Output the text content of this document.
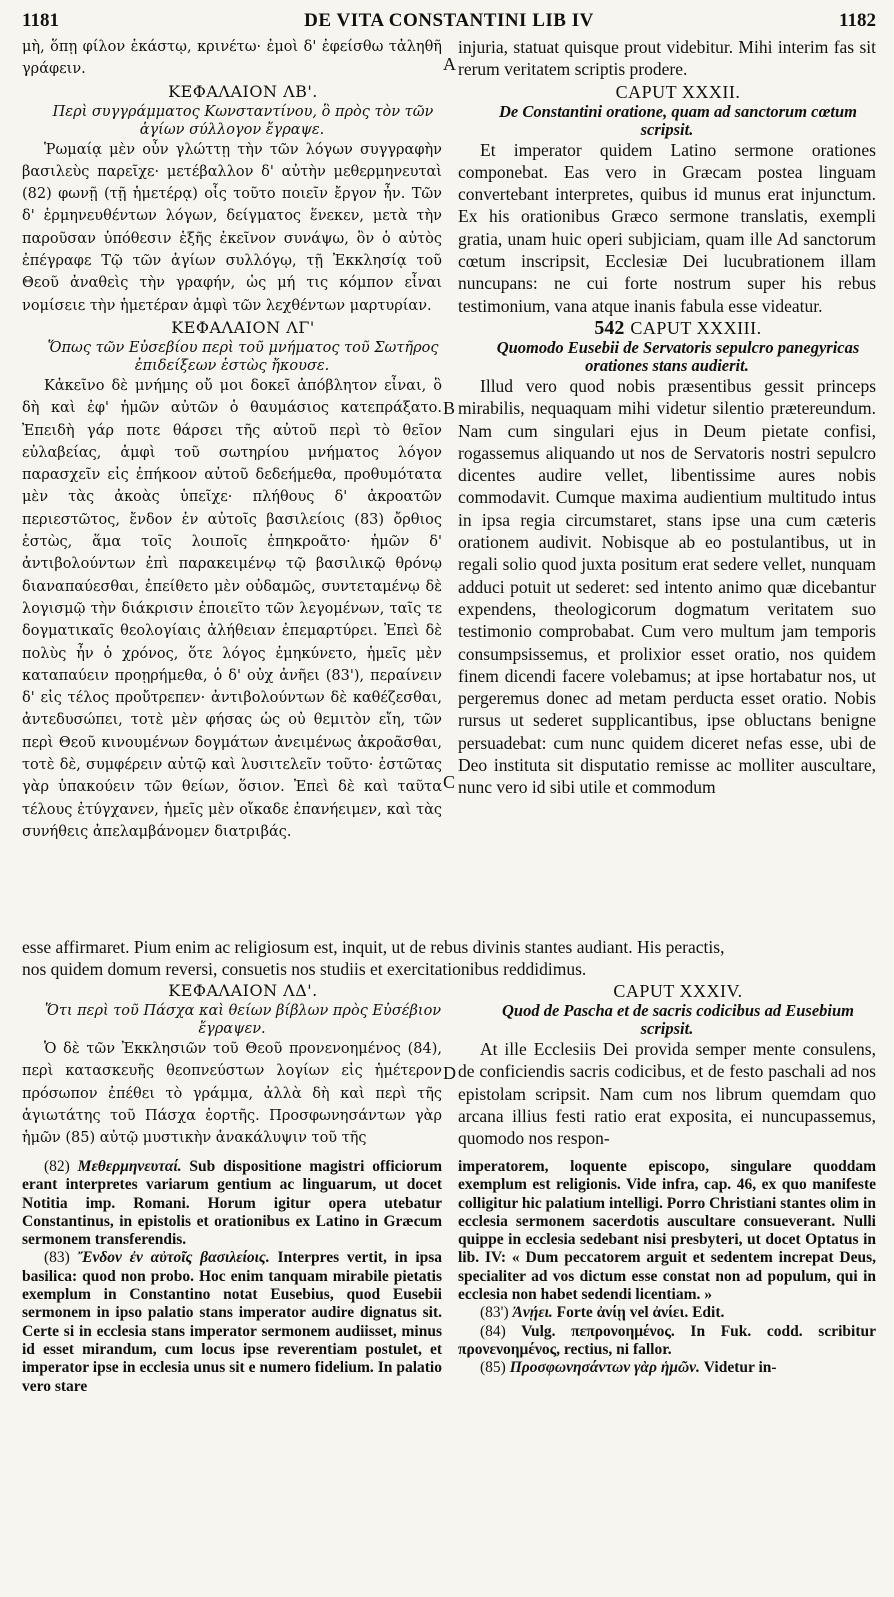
1181	DE VITA CONSTANTINI LIB IV	1182
A
B
C
D

μὴ, ὅπῃ φίλον ἑκάστῳ, κρινέτω· ἐμοὶ δ' ἐφείσθω τἀληθῆ γράφειν.

ΚΕΦΑΛΑΙΟΝ ΛΒ'.

Περὶ συγγράμματος Κωνσταντίνου, ὃ πρὸς τὸν τῶν ἁγίων σύλλογον ἔγραψε.

Ῥωμαίᾳ μὲν οὖν γλώττῃ τὴν τῶν λόγων συγγραφὴν βασιλεὺς παρεῖχε· μετέβαλλον δ' αὐτὴν μεθερμηνευταὶ (82) φωνῇ (τῇ ἡμετέρᾳ) οἷς τοῦτο ποιεῖν ἔργον ἦν. Τῶν δ' ἑρμηνευθέντων λόγων, δείγματος ἕνεκεν, μετὰ τὴν παροῦσαν ὑπόθεσιν ἑξῆς ἐκεῖνον συνάψω, ὃν ὁ αὐτὸς ἐπέγραφε Τῷ τῶν ἁγίων συλλόγῳ, τῇ Ἐκκλησίᾳ τοῦ Θεοῦ ἀναθεὶς τὴν γραφήν, ὡς μή τις κόμπον εἶναι νομίσειε τὴν ἡμετέραν ἀμφὶ τῶν λεχθέντων μαρτυρίαν.

ΚΕΦΑΛΑΙΟΝ ΛΓ'

Ὅπως τῶν Εὐσεβίου περὶ τοῦ μνήματος τοῦ Σωτῆρος ἐπιδείξεων ἑστὼς ἤκουσε.

Κἀκεῖνο δὲ μνήμης οὔ μοι δοκεῖ ἀπόβλητον εἶναι, ὃ δὴ καὶ ἐφ' ἡμῶν αὐτῶν ὁ θαυμάσιος κατεπράξατο. Ἐπειδὴ γάρ ποτε θάρσει τῆς αὐτοῦ περὶ τὸ θεῖον εὐλαβείας, ἀμφὶ τοῦ σωτηρίου μνήματος λόγον παρασχεῖν εἰς ἐπήκοον αὐτοῦ δεδεήμεθα, προθυμότατα μὲν τὰς ἀκοὰς ὑπεῖχε· πλήθους δ' ἀκροατῶν περιεστῶτος, ἔνδον ἐν αὐτοῖς βασιλείοις (83) ὄρθιος ἑστὼς, ἅμα τοῖς λοιποῖς ἐπηκροᾶτο· ἡμῶν δ' ἀντιβολούντων ἐπὶ παρακειμένῳ τῷ βασιλικῷ θρόνῳ διαναπαύεσθαι, ἐπείθετο μὲν οὐδαμῶς, συντεταμένῳ δὲ λογισμῷ τὴν διάκρισιν ἐποιεῖτο τῶν λεγομένων, ταῖς τε δογματικαῖς θεολογίαις ἀλήθειαν ἐπεμαρτύρει. Ἐπεὶ δὲ πολὺς ἦν ὁ χρόνος, ὅτε λόγος ἐμηκύνετο, ἡμεῖς μὲν καταπαύειν προῃρήμεθα, ὁ δ' οὐχ ἀνῆει (83'), περαίνειν δ' εἰς τέλος προὔτρεπεν· ἀντιβολούντων δὲ καθέζεσθαι, ἀντεδυσώπει, τοτὲ μὲν φήσας ὡς οὐ θεμιτὸν εἴη, τῶν περὶ Θεοῦ κινουμένων δογμάτων ἀνειμένως ἀκροᾶσθαι, τοτὲ δὲ, συμφέρειν αὐτῷ καὶ λυσιτελεῖν τοῦτο· ἑστῶτας γὰρ ὑπακούειν τῶν θείων, ὅσιον. Ἐπεὶ δὲ καὶ ταῦτα τέλους ἐτύγχανεν, ἡμεῖς μὲν οἴκαδε ἐπανήειμεν, καὶ τὰς συνήθεις ἀπελαμβάνομεν διατριβάς.

injuria, statuat quisque prout videbitur. Mihi interim fas sit rerum veritatem scriptis prodere.

CAPUT XXXII.

De Constantini oratione, quam ad sanctorum cœtum scripsit.

Et imperator quidem Latino sermone orationes componebat. Eas vero in Græcam postea linguam convertebant interpretes, quibus id munus erat injunctum. Ex his orationibus Græco sermone translatis, exempli gratia, unam huic operi subjiciam, quam ille Ad sanctorum cœtum inscripsit, Ecclesiæ Dei lucubrationem illam nuncupans: ne cui forte nostrum super his rebus testimonium, vana atque inanis fabula esse videatur.

542 CAPUT XXXIII.

Quomodo Eusebii de Servatoris sepulcro panegyricas orationes stans audierit.

Illud vero quod nobis præsentibus gessit princeps mirabilis, nequaquam mihi videtur silentio prætereundum. Nam cum singulari ejus in Deum pietate confisi, rogassemus aliquando ut nos de Servatoris nostri sepulcro dicentes audire vellet, libentissime aures nobis commodavit. Cumque maxima audientium multitudo intus in ipsa regia circumstaret, stans ipse una cum cæteris orationem audivit. Nobisque ab eo postulantibus, ut in regali solio quod juxta positum erat sedere vellet, nunquam adduci potuit ut sederet: sed intento animo quæ dicebantur expendens, theologicorum dogmatum veritatem suo testimonio comprobabat. Cum vero multum jam temporis consumpsissemus, et prolixior esset oratio, nos quidem finem dicendi facere volebamus; at ipse hortabatur nos, ut pergeremus donec ad metam perducta esset oratio. Nobis rursus ut sederet supplicantibus, ipse obluctans benigne persuadebat: cum nunc quidem diceret nefas esse, ubi de Deo instituta sit disputatio remisse ac molliter auscultare, nunc vero id sibi utile et commodum

esse affirmaret. Pium enim ac religiosum est, inquit, ut de rebus divinis stantes audiant. His peractis,

nos quidem domum reversi, consuetis nos studiis et exercitationibus reddidimus.

ΚΕΦΑΛΑΙΟΝ ΛΔ'.

Ὅτι περὶ τοῦ Πάσχα καὶ θείων βίβλων πρὸς Εὐσέβιον ἔγραψεν.

Ὁ δὲ τῶν Ἐκκλησιῶν τοῦ Θεοῦ προνενοημένος (84), περὶ κατασκευῆς θεοπνεύστων λογίων εἰς ἡμέτερον πρόσωπον ἐπέθει τὸ γράμμα, ἀλλὰ δὴ καὶ περὶ τῆς ἁγιωτάτης τοῦ Πάσχα ἑορτῆς. Προσφωνησάντων γὰρ ἡμῶν (85) αὐτῷ μυστικὴν ἀνακάλυψιν τοῦ τῆς

CAPUT XXXIV.

Quod de Pascha et de sacris codicibus ad Eusebium scripsit.

At ille Ecclesiis Dei provida semper mente consulens, de conficiendis sacris codicibus, et de festo paschali ad nos epistolam scripsit. Nam cum nos librum quemdam quo arcana illius festi ratio erat exposita, ei nuncupassemus, quomodo nos respon-

(82) Μεθερμηνευταί. Sub dispositione magistri officiorum erant interpretes variarum gentium ac linguarum, ut docet Notitia imp. Romani. Horum igitur opera utebatur Constantinus, in epistolis et orationibus ex Latino in Græcum sermonem transferendis.

(83) Ἔνδον ἐν αὐτοῖς βασιλείοις. Interpres vertit, in ipsa basilica: quod non probo. Hoc enim tanquam mirabile pietatis exemplum in Constantino notat Eusebius, quod Eusebii sermonem in ipso palatio stans imperator audire dignatus sit. Certe si in ecclesia stans imperator sermonem audiisset, minus id esset mirandum, cum locus ipse reverentiam postulet, et imperator ipse in ecclesia unus sit e numero fidelium. In palatio vero stare

imperatorem, loquente episcopo, singulare quoddam exemplum est religionis. Vide infra, cap. 46, ex quo manifeste colligitur hic palatium intelligi. Porro Christiani stantes olim in ecclesia sermonem sacerdotis auscultare consueverant. Nulli quippe in ecclesia sedebant nisi presbyteri, ut docet Optatus in lib. IV: « Dum peccatorem arguit et sedentem increpat Deus, specialiter ad vos dictum esse constat non ad populum, qui in ecclesia non habet sedendi licentiam. »

(83') Ἀνῄει. Forte ἀνίῃ vel ἀνίει. Edit.

(84) Vulg. πεπρονοημένος. In Fuk. codd. scribitur προνενοημένος, rectius, ni fallor.

(85) Προσφωνησάντων γὰρ ἡμῶν. Videtur in-
